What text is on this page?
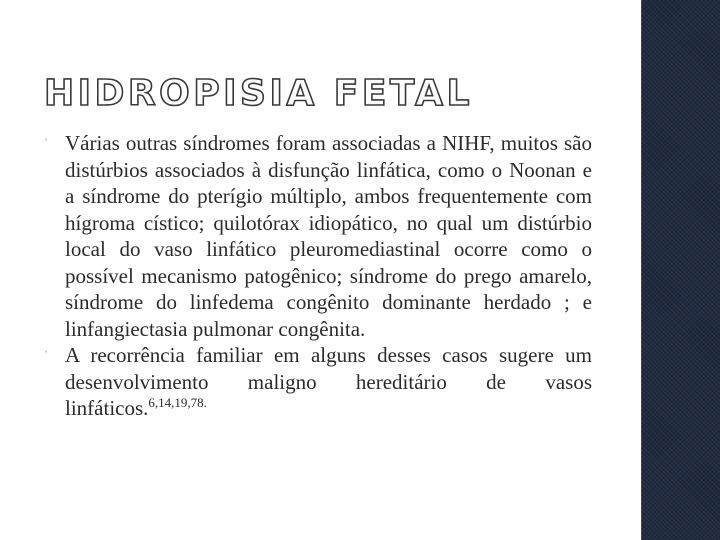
HIDROPISIA FETAL
ˈ Várias outras síndromes foram associadas a NIHF, muitos são distúrbios associados à disfunção linfática, como o Noonan e a síndrome do pterígio múltiplo, ambos frequentemente com hígroma cístico; quilotórax idiopático, no qual um distúrbio local do vaso linfático pleuromediastinal ocorre como o possível mecanismo patogênico; síndrome do prego amarelo, síndrome do linfedema congênito dominante herdado ; e linfangiectasia pulmonar congênita.
ˈ A recorrência familiar em alguns desses casos sugere um desenvolvimento maligno hereditário de vasos linfáticos.$^{6,14,19,78.}$
